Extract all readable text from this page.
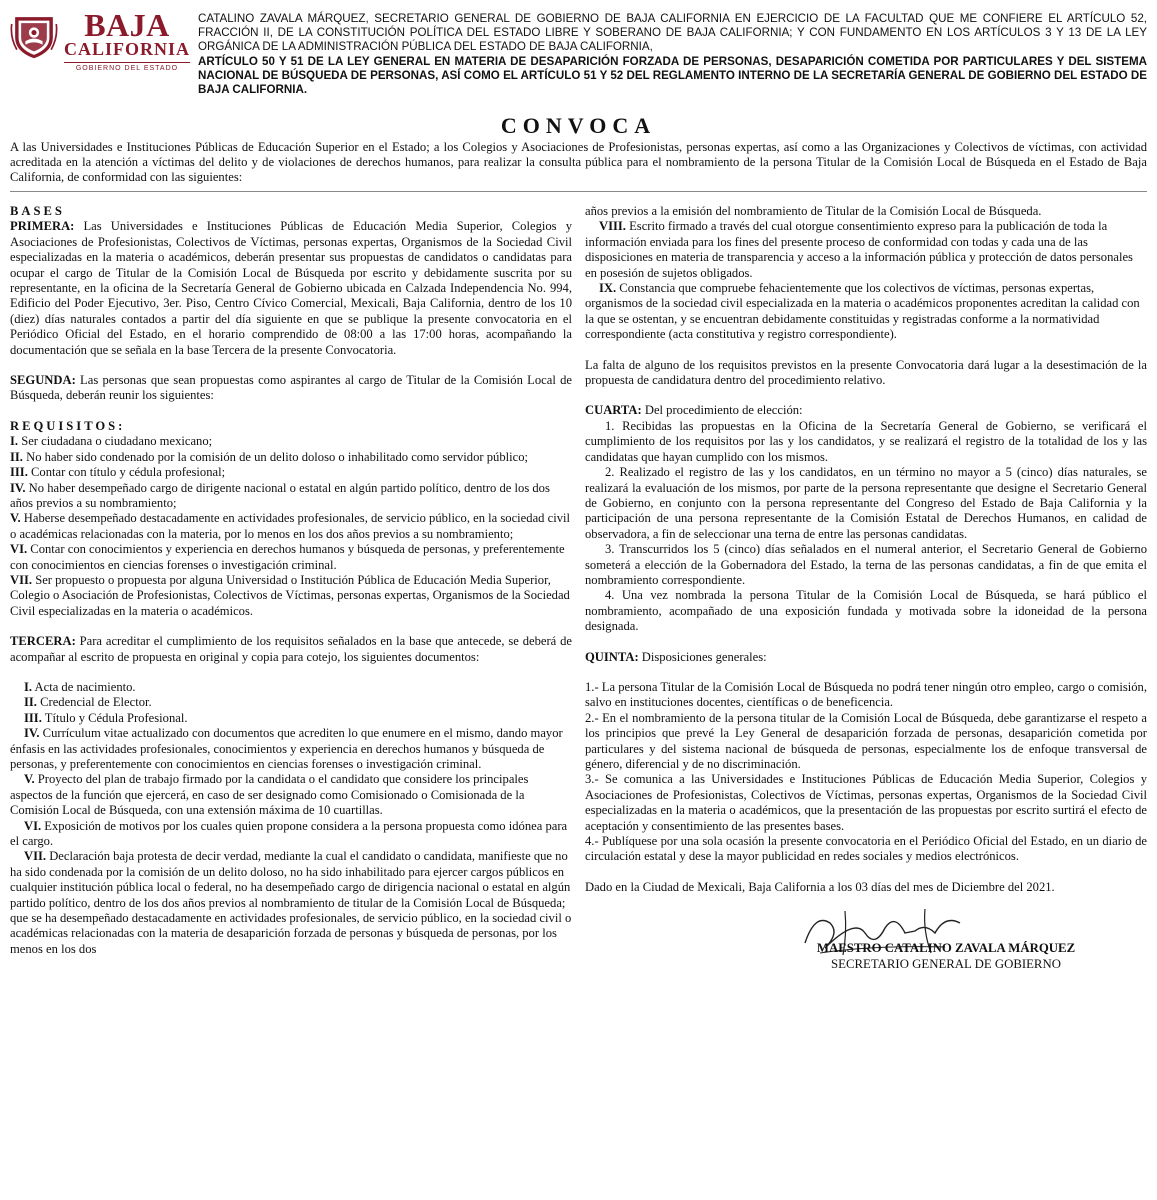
BAJA
CALIFORNIA
GOBIERNO DEL ESTADO
CATALINO ZAVALA MÁRQUEZ, SECRETARIO GENERAL DE GOBIERNO DE BAJA CALIFORNIA EN EJERCICIO DE LA FACULTAD QUE ME CONFIERE EL ARTÍCULO 52, FRACCIÓN II, DE LA CONSTITUCIÓN POLÍTICA DEL ESTADO LIBRE Y SOBERANO DE BAJA CALIFORNIA; Y CON FUNDAMENTO EN LOS ARTÍCULOS 3 Y 13 DE LA LEY ORGÁNICA DE LA ADMINISTRACIÓN PÚBLICA DEL ESTADO DE BAJA CALIFORNIA,
ARTÍCULO 50 Y 51 DE LA LEY GENERAL EN MATERIA DE DESAPARICIÓN FORZADA DE PERSONAS, DESAPARICIÓN COMETIDA POR PARTICULARES Y DEL SISTEMA NACIONAL DE BÚSQUEDA DE PERSONAS, ASÍ COMO EL ARTÍCULO 51 Y 52 DEL REGLAMENTO INTERNO DE LA SECRETARÍA GENERAL DE GOBIERNO DEL ESTADO DE BAJA CALIFORNIA.
CONVOCA
A las Universidades e Instituciones Públicas de Educación Superior en el Estado; a los Colegios y Asociaciones de Profesionistas, personas expertas, así como a las Organizaciones y Colectivos de víctimas, con actividad acreditada en la atención a víctimas del delito y de violaciones de derechos humanos, para realizar la consulta pública para el nombramiento de la persona Titular de la Comisión Local de Búsqueda en el Estado de Baja California, de conformidad con las siguientes:

BASES

PRIMERA: Las Universidades e Instituciones Públicas de Educación Media Superior, Colegios y Asociaciones de Profesionistas, Colectivos de Víctimas, personas expertas, Organismos de la Sociedad Civil especializadas en la materia o académicos, deberán presentar sus propuestas de candidatos o candidatas para ocupar el cargo de Titular de la Comisión Local de Búsqueda por escrito y debidamente suscrita por su representante, en la oficina de la Secretaría General de Gobierno ubicada en Calzada Independencia No. 994, Edificio del Poder Ejecutivo, 3er. Piso, Centro Cívico Comercial, Mexicali, Baja California, dentro de los 10 (diez) días naturales contados a partir del día siguiente en que se publique la presente convocatoria en el Periódico Oficial del Estado, en el horario comprendido de 08:00 a las 17:00 horas, acompañando la documentación que se señala en la base Tercera de la presente Convocatoria.

SEGUNDA: Las personas que sean propuestas como aspirantes al cargo de Titular de la Comisión Local de Búsqueda, deberán reunir los siguientes:

REQUISITOS:

I. Ser ciudadana o ciudadano mexicano;

II. No haber sido condenado por la comisión de un delito doloso o inhabilitado como servidor público;

III. Contar con título y cédula profesional;

IV. No haber desempeñado cargo de dirigente nacional o estatal en algún partido político, dentro de los dos años previos a su nombramiento;

V. Haberse desempeñado destacadamente en actividades profesionales, de servicio público, en la sociedad civil o académicas relacionadas con la materia, por lo menos en los dos años previos a su nombramiento;

VI. Contar con conocimientos y experiencia en derechos humanos y búsqueda de personas, y preferentemente con conocimientos en ciencias forenses o investigación criminal.

VII. Ser propuesto o propuesta por alguna Universidad o Institución Pública de Educación Media Superior, Colegio o Asociación de Profesionistas, Colectivos de Víctimas, personas expertas, Organismos de la Sociedad Civil especializadas en la materia o académicos.

TERCERA: Para acreditar el cumplimiento de los requisitos señalados en la base que antecede, se deberá de acompañar al escrito de propuesta en original y copia para cotejo, los siguientes documentos:

I. Acta de nacimiento.

II. Credencial de Elector.

III. Título y Cédula Profesional.

IV. Currículum vitae actualizado con documentos que acrediten lo que enumere en el mismo, dando mayor énfasis en las actividades profesionales, conocimientos y experiencia en derechos humanos y búsqueda de personas, y preferentemente con conocimientos en ciencias forenses o investigación criminal.

V. Proyecto del plan de trabajo firmado por la candidata o el candidato que considere los principales aspectos de la función que ejercerá, en caso de ser designado como Comisionado o Comisionada de la Comisión Local de Búsqueda, con una extensión máxima de 10 cuartillas.

VI. Exposición de motivos por los cuales quien propone considera a la persona propuesta como idónea para el cargo.

VII. Declaración baja protesta de decir verdad, mediante la cual el candidato o candidata, manifieste que no ha sido condenada por la comisión de un delito doloso, no ha sido inhabilitado para ejercer cargos públicos en cualquier institución pública local o federal, no ha desempeñado cargo de dirigencia nacional o estatal en algún partido político, dentro de los dos años previos al nombramiento de titular de la Comisión Local de Búsqueda; que se ha desempeñado destacadamente en actividades profesionales, de servicio público, en la sociedad civil o académicas relacionadas con la materia de desaparición forzada de personas y búsqueda de personas, por los menos en los dos

años previos a la emisión del nombramiento de Titular de la Comisión Local de Búsqueda.

VIII. Escrito firmado a través del cual otorgue consentimiento expreso para la publicación de toda la información enviada para los fines del presente proceso de conformidad con todas y cada una de las disposiciones en materia de transparencia y acceso a la información pública y protección de datos personales en posesión de sujetos obligados.

IX. Constancia que compruebe fehacientemente que los colectivos de víctimas, personas expertas, organismos de la sociedad civil especializada en la materia o académicos proponentes acreditan la calidad con la que se ostentan, y se encuentran debidamente constituidas y registradas conforme a la normatividad correspondiente (acta constitutiva y registro correspondiente).

La falta de alguno de los requisitos previstos en la presente Convocatoria dará lugar a la desestimación de la propuesta de candidatura dentro del procedimiento relativo.

CUARTA: Del procedimiento de elección:

1. Recibidas las propuestas en la Oficina de la Secretaría General de Gobierno, se verificará el cumplimiento de los requisitos por las y los candidatos, y se realizará el registro de la totalidad de los y las candidatas que hayan cumplido con los mismos.

2. Realizado el registro de las y los candidatos, en un término no mayor a 5 (cinco) días naturales, se realizará la evaluación de los mismos, por parte de la persona representante que designe el Secretario General de Gobierno, en conjunto con la persona representante del Congreso del Estado de Baja California y la participación de una persona representante de la Comisión Estatal de Derechos Humanos, en calidad de observadora, a fin de seleccionar una terna de entre las personas candidatas.

3. Transcurridos los 5 (cinco) días señalados en el numeral anterior, el Secretario General de Gobierno someterá a elección de la Gobernadora del Estado, la terna de las personas candidatas, a fin de que emita el nombramiento correspondiente.

4. Una vez nombrada la persona Titular de la Comisión Local de Búsqueda, se hará público el nombramiento, acompañado de una exposición fundada y motivada sobre la idoneidad de la persona designada.

QUINTA: Disposiciones generales:

1.- La persona Titular de la Comisión Local de Búsqueda no podrá tener ningún otro empleo, cargo o comisión, salvo en instituciones docentes, científicas o de beneficencia.

2.- En el nombramiento de la persona titular de la Comisión Local de Búsqueda, debe garantizarse el respeto a los principios que prevé la Ley General de desaparición forzada de personas, desaparición cometida por particulares y del sistema nacional de búsqueda de personas, especialmente los de enfoque transversal de género, diferencial y de no discriminación.

3.- Se comunica a las Universidades e Instituciones Públicas de Educación Media Superior, Colegios y Asociaciones de Profesionistas, Colectivos de Víctimas, personas expertas, Organismos de la Sociedad Civil especializadas en la materia o académicos, que la presentación de las propuestas por escrito surtirá el efecto de aceptación y consentimiento de las presentes bases.

4.- Publíquese por una sola ocasión la presente convocatoria en el Periódico Oficial del Estado, en un diario de circulación estatal y dese la mayor publicidad en redes sociales y medios electrónicos.

Dado en la Ciudad de Mexicali, Baja California a los 03 días del mes de Diciembre del 2021.

MAESTRO CATALINO ZAVALA MÁRQUEZ
SECRETARIO GENERAL DE GOBIERNO
